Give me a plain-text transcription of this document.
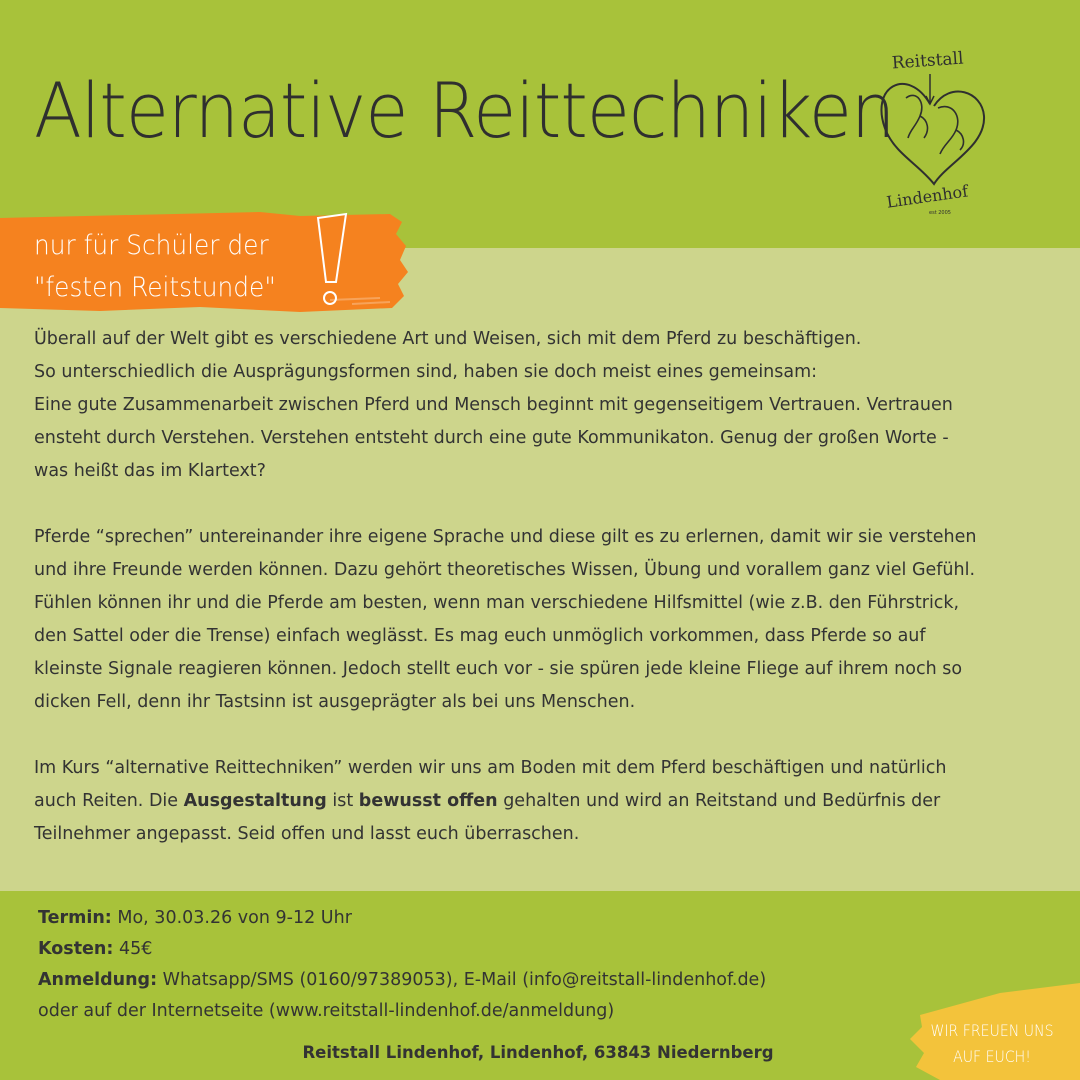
Alternative Reittechniken
Reitstall
Lindenhof
est 2005
nur für Schüler der
"festen Reitstunde"

Überall auf der Welt gibt es verschiedene Art und Weisen, sich mit dem Pferd zu beschäftigen.
So unterschiedlich die Ausprägungsformen sind, haben sie doch meist eines gemeinsam:
Eine gute Zusammenarbeit zwischen Pferd und Mensch beginnt mit gegenseitigem Vertrauen. Vertrauen
ensteht durch Verstehen. Verstehen entsteht durch eine gute Kommunikaton. Genug der großen Worte -
was heißt das im Klartext?

Pferde “sprechen” untereinander ihre eigene Sprache und diese gilt es zu erlernen, damit wir sie verstehen
und ihre Freunde werden können. Dazu gehört theoretisches Wissen, Übung und vorallem ganz viel Gefühl.
Fühlen können ihr und die Pferde am besten, wenn man verschiedene Hilfsmittel (wie z.B. den Führstrick,
den Sattel oder die Trense) einfach weglässt. Es mag euch unmöglich vorkommen, dass Pferde so auf
kleinste Signale reagieren können. Jedoch stellt euch vor - sie spüren jede kleine Fliege auf ihrem noch so
dicken Fell, denn ihr Tastsinn ist ausgeprägter als bei uns Menschen.

Im Kurs “alternative Reittechniken” werden wir uns am Boden mit dem Pferd beschäftigen und natürlich
auch Reiten. Die Ausgestaltung ist bewusst offen gehalten und wird an Reitstand und Bedürfnis der
Teilnehmer angepasst. Seid offen und lasst euch überraschen.

Termin: Mo, 30.03.26 von 9-12 Uhr
Kosten: 45€
Anmeldung: Whatsapp/SMS (0160/97389053), E-Mail (info@reitstall-lindenhof.de)
oder auf der Internetseite (www.reitstall-lindenhof.de/anmeldung)
Reitstall Lindenhof, Lindenhof, 63843 Niedernberg
WIR FREUEN UNS
AUF EUCH!
